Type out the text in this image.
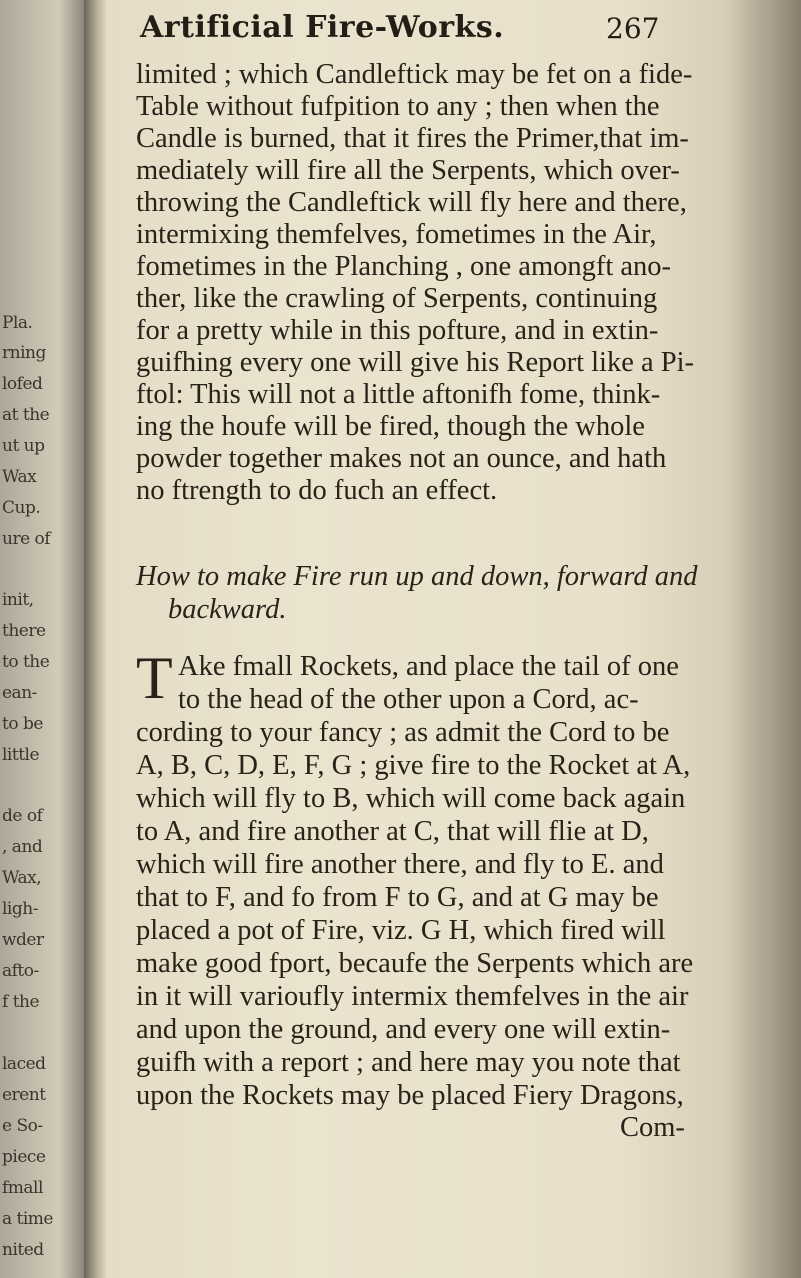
Pla.
rning
lofed
at the
ut up
Wax
Cup.
ure of
init,
there
to the
ean-
to be
little
de of
, and
Wax,
ligh-
wder
afto-
f the
laced
erent
e So-
piece
fmall
a time
nited
Artificial Fire-Works.	267
limited ; which Candleftick may be fet on a fide-
Table without fufpition to any ; then when the
Candle is burned, that it fires the Primer,that im-
mediately will fire all the Serpents, which over-
throwing the Candleftick will fly here and there,
intermixing themfelves, fometimes in the Air,
fometimes in the Planching , one amongft ano-
ther, like the crawling of Serpents, continuing
for a pretty while in this pofture, and in extin-
guifhing every one will give his Report like a Pi-
ftol: This will not a little aftonifh fome, think-
ing the houfe will be fired, though the whole
powder together makes not an ounce, and hath
no ftrength to do fuch an effect.
How to make Fire run up and down, forward and
backward.
T Ake fmall Rockets, and place the tail of one
to the head of the other upon a Cord, ac-
cording to your fancy ; as admit the Cord to be
A, B, C, D, E, F, G ; give fire to the Rocket at A,
which will fly to B, which will come back again
to A, and fire another at C, that will flie at D,
which will fire another there, and fly to E. and
that to F, and fo from F to G, and at G may be
placed a pot of Fire, viz. G H, which fired will
make good fport, becaufe the Serpents which are
in it will varioufly intermix themfelves in the air
and upon the ground, and every one will extin-
guifh with a report ; and here may you note that
upon the Rockets may be placed Fiery Dragons,
Com-
